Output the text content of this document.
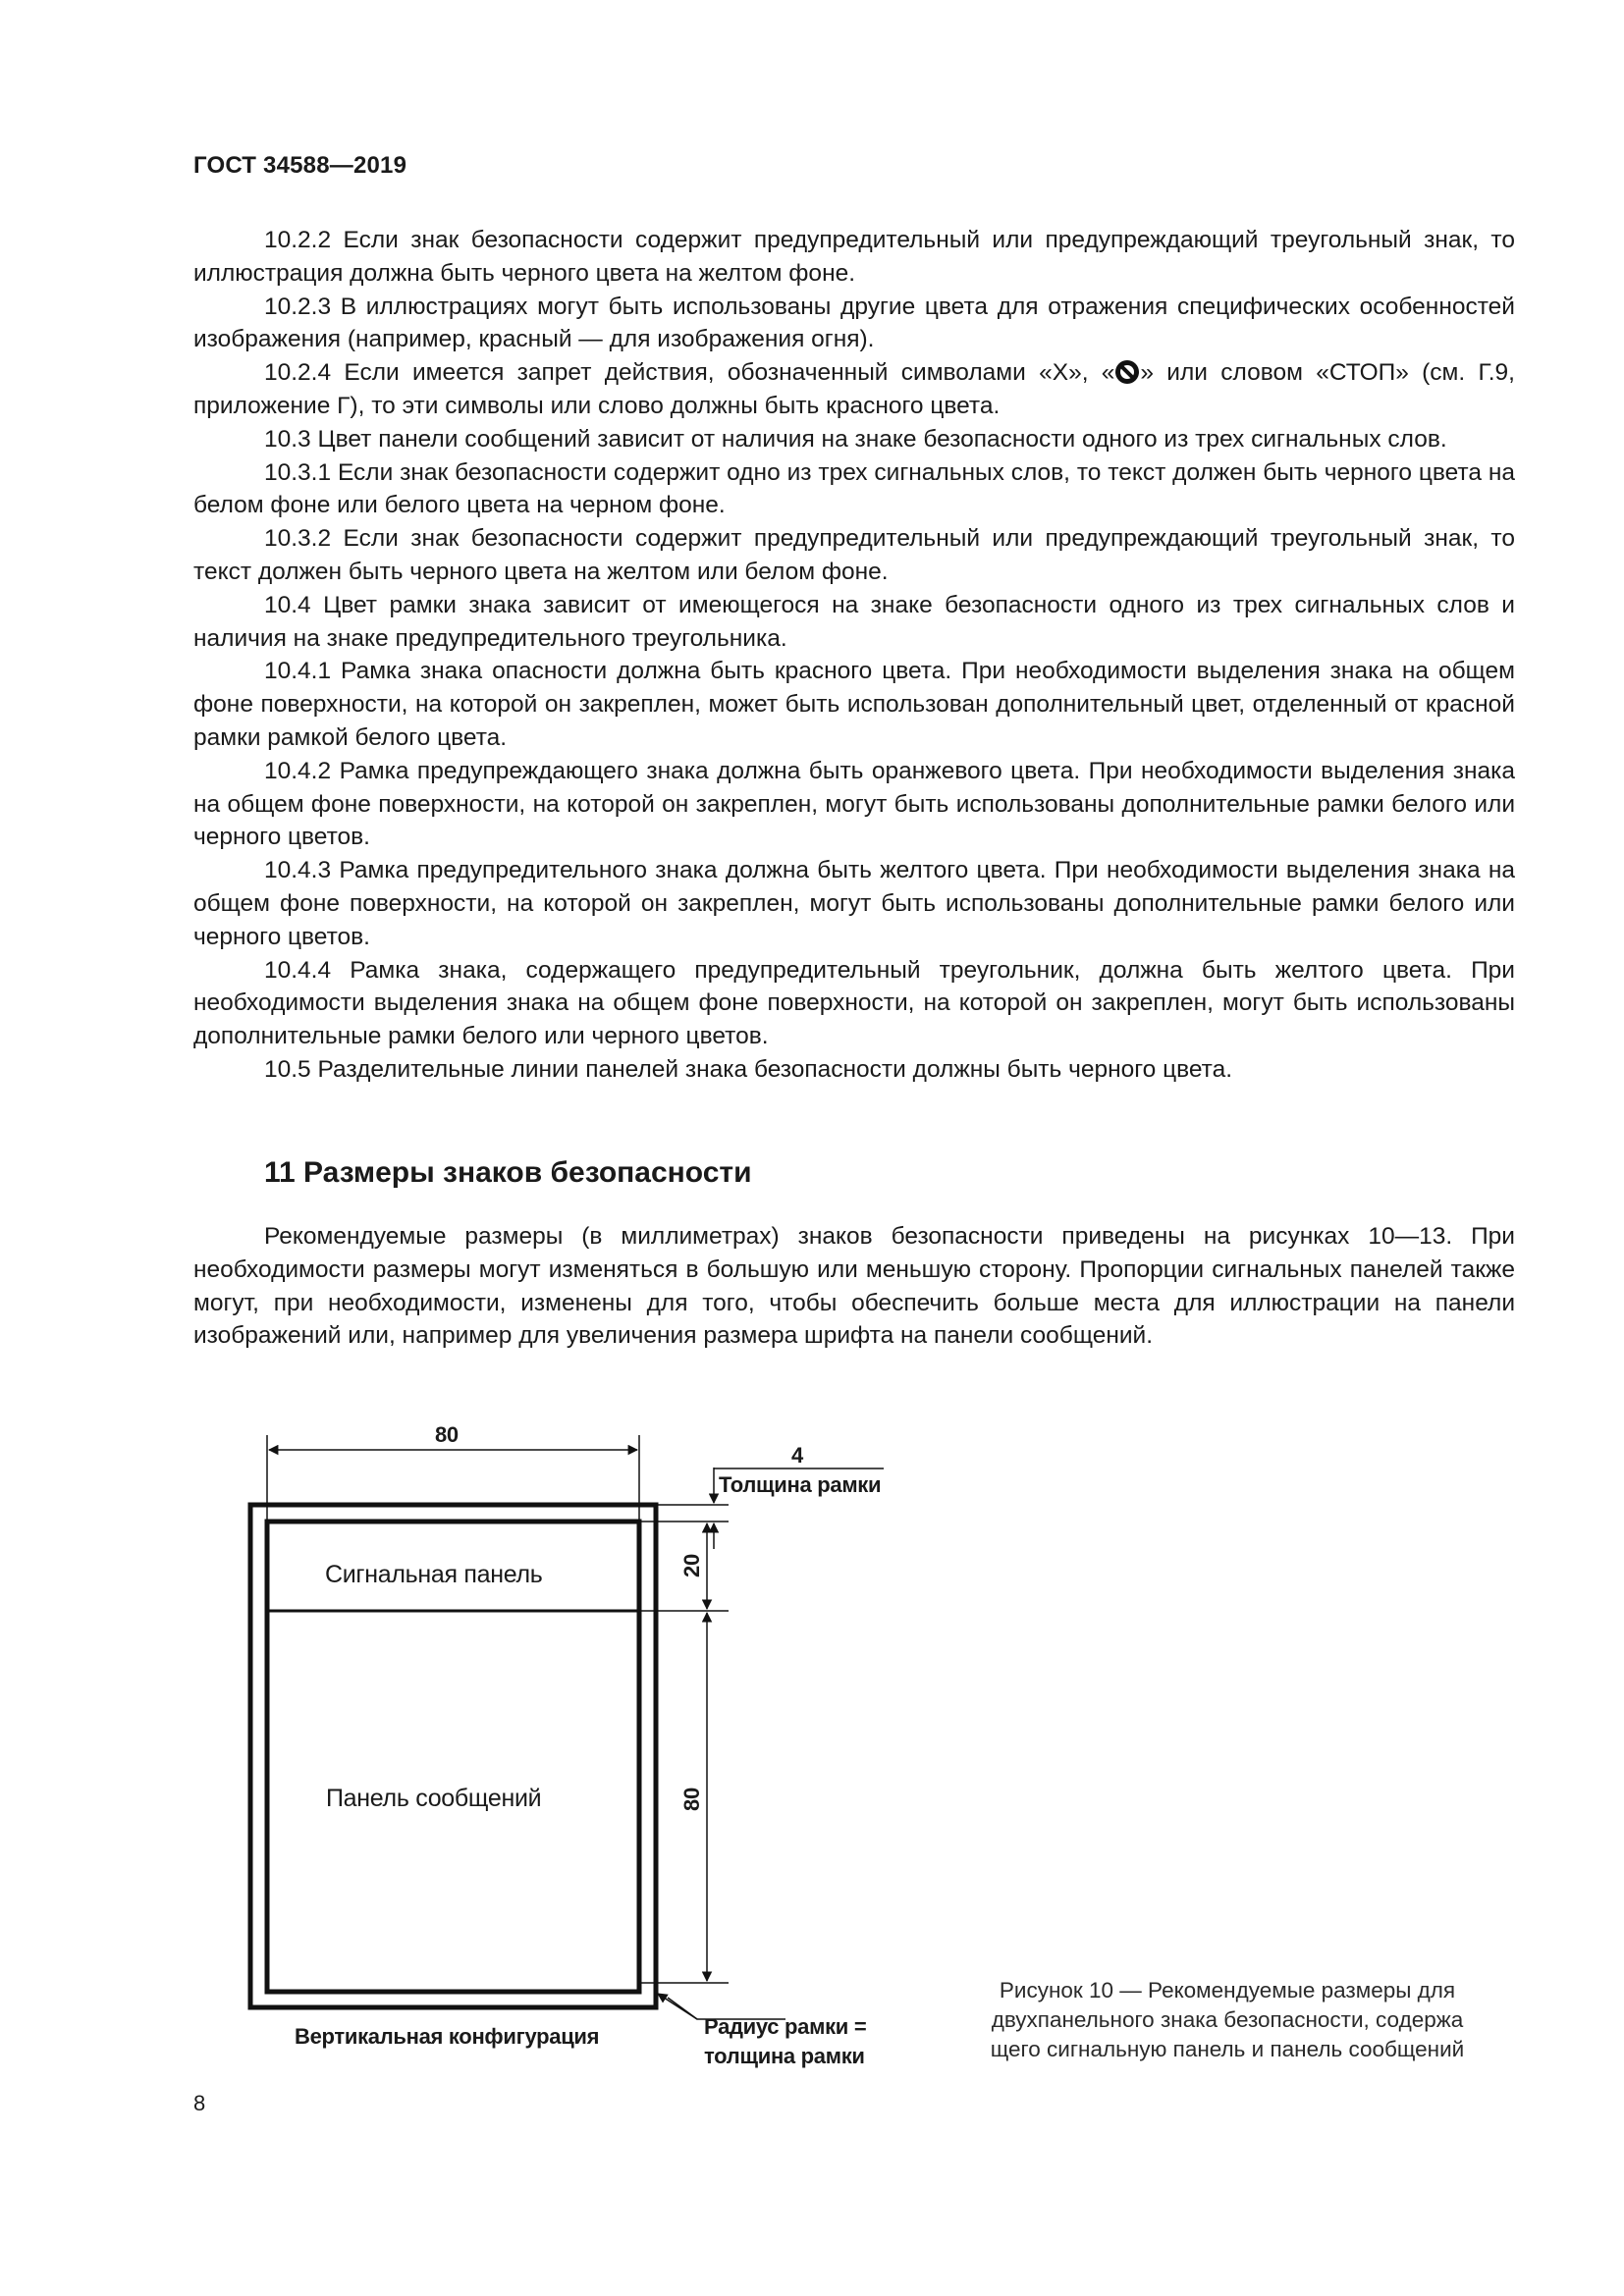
ГОСТ 34588—2019

10.2.2 Если знак безопасности содержит предупредительный или предупреждающий треугольный знак, то иллюстрация должна быть черного цвета на желтом фоне.

10.2.3 В иллюстрациях могут быть использованы другие цвета для отражения специфических особенностей изображения (например, красный — для изображения огня).

10.2.4 Если имеется запрет действия, обозначенный символами «X», « » или словом «СТОП» (см. Г.9, приложение Г), то эти символы или слово должны быть красного цвета.

10.3 Цвет панели сообщений зависит от наличия на знаке безопасности одного из трех сигнальных слов.

10.3.1 Если знак безопасности содержит одно из трех сигнальных слов, то текст должен быть черного цвета на белом фоне или белого цвета на черном фоне.

10.3.2 Если знак безопасности содержит предупредительный или предупреждающий треугольный знак, то текст должен быть черного цвета на желтом или белом фоне.

10.4 Цвет рамки знака зависит от имеющегося на знаке безопасности одного из трех сигнальных слов и наличия на знаке предупредительного треугольника.

10.4.1 Рамка знака опасности должна быть красного цвета. При необходимости выделения знака на общем фоне поверхности, на которой он закреплен, может быть использован дополнительный цвет, отделенный от красной рамки рамкой белого цвета.

10.4.2 Рамка предупреждающего знака должна быть оранжевого цвета. При необходимости выделения знака на общем фоне поверхности, на которой он закреплен, могут быть использованы дополнительные рамки белого или черного цветов.

10.4.3 Рамка предупредительного знака должна быть желтого цвета. При необходимости выделения знака на общем фоне поверхности, на которой он закреплен, могут быть использованы дополнительные рамки белого или черного цветов.

10.4.4 Рамка знака, содержащего предупредительный треугольник, должна быть желтого цвета. При необходимости выделения знака на общем фоне поверхности, на которой он закреплен, могут быть использованы дополнительные рамки белого или черного цветов.

10.5 Разделительные линии панелей знака безопасности должны быть черного цвета.

11 Размеры знаков безопасности

Рекомендуемые размеры (в миллиметрах) знаков безопасности приведены на рисунках 10—13. При необходимости размеры могут изменяться в большую или меньшую сторону. Пропорции сигнальных панелей также могут, при необходимости, изменены для того, чтобы обеспечить больше места для иллюстрации на панели изображений или, например для увеличения размера шрифта на панели сообщений.

80
4
Толщина рамки
20
80
Сигнальная панель
Панель сообщений
Вертикальная конфигурация	Радиус рамки =
толщина рамки
Рисунок 10 — Рекомендуемые размеры для
двухпанельного знака безопасности, содержа
щего сигнальную панель и панель сообщений
8
